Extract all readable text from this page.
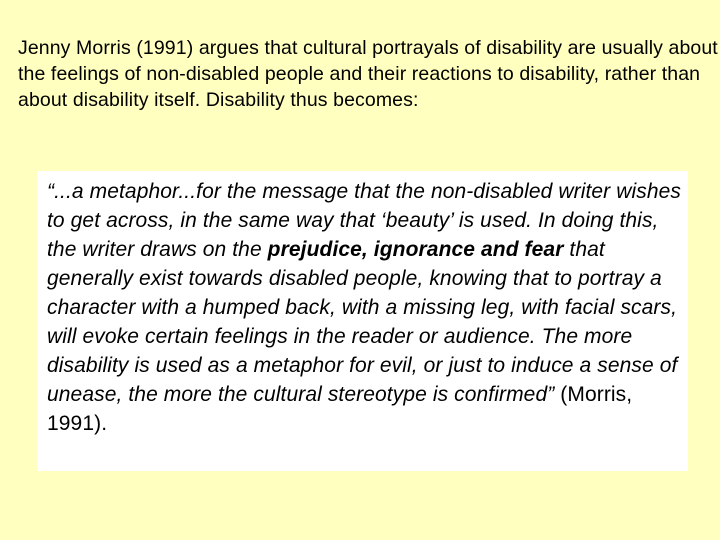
Jenny Morris (1991) argues that cultural portrayals of disability are usually about the feelings of non-disabled people and their reactions to disability, rather than about disability itself. Disability thus becomes:

“...a metaphor...for the message that the non-disabled writer wishes to get across, in the same way that ‘beauty’ is used. In doing this, the writer draws on the prejudice, ignorance and fear that generally exist towards disabled people, knowing that to portray a character with a humped back, with a missing leg, with facial scars, will evoke certain feelings in the reader or audience. The more disability is used as a metaphor for evil, or just to induce a sense of unease, the more the cultural stereotype is confirmed” (Morris, 1991).
